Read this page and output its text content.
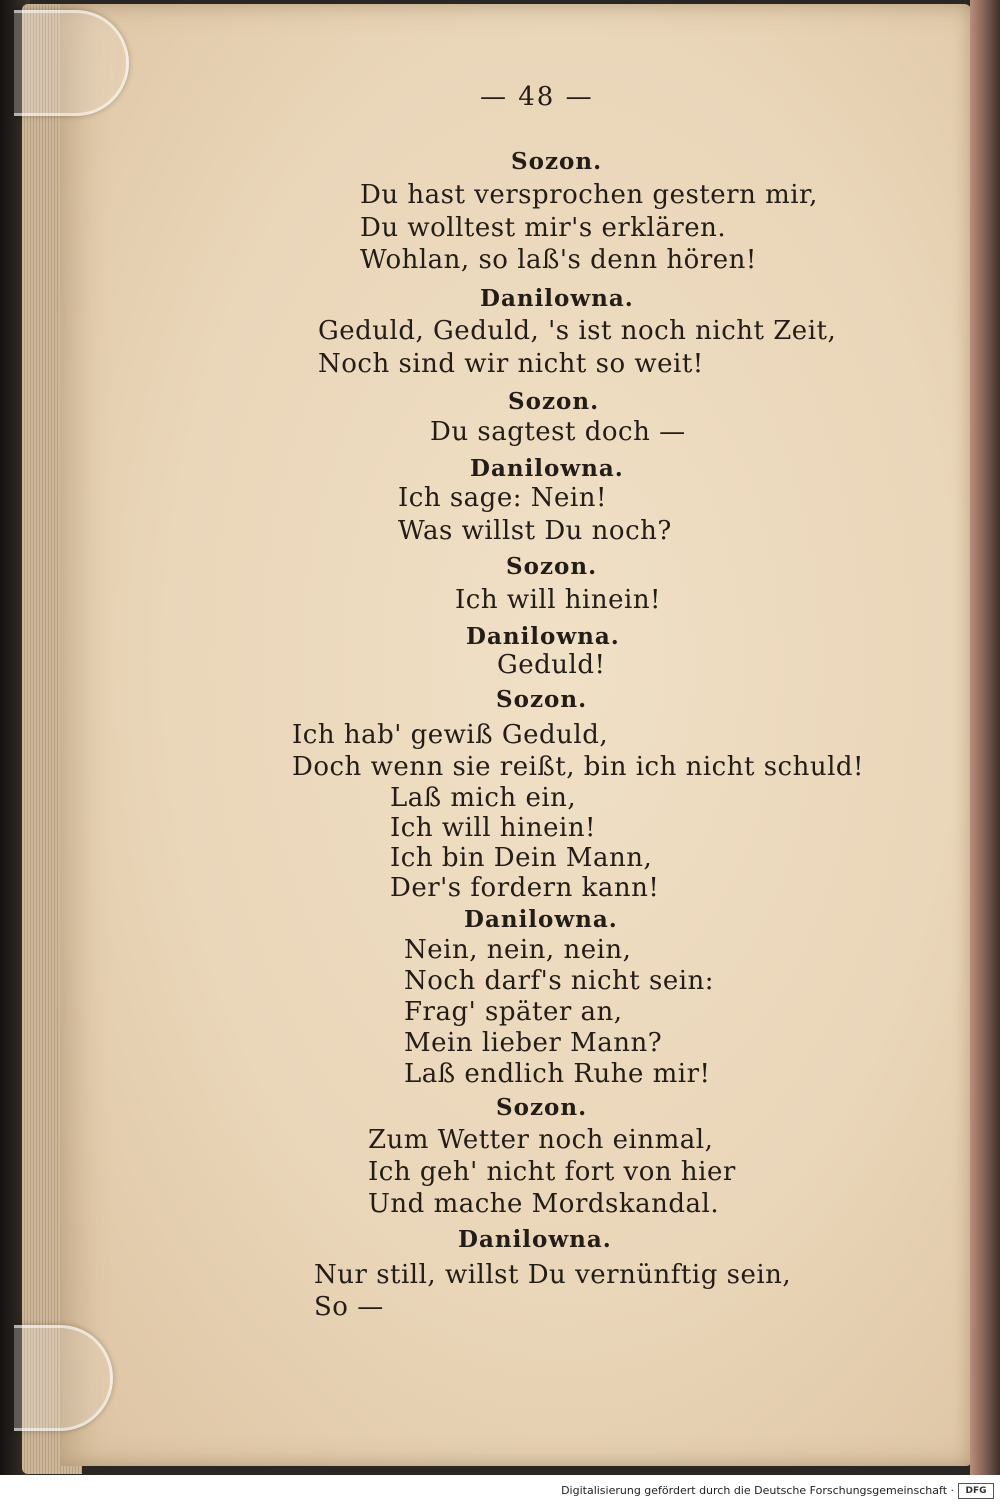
— 48 —
Sozon.
Du hast versprochen gestern mir,
Du wolltest mir's erklären.
Wohlan, so laß's denn hören!
Danilowna.
Geduld, Geduld, 's ist noch nicht Zeit,
Noch sind wir nicht so weit!
Sozon.
Du sagtest doch —
Danilowna.
Ich sage: Nein!
Was willst Du noch?
Sozon.
Ich will hinein!
Danilowna.
Geduld!
Sozon.
Ich hab' gewiß Geduld,
Doch wenn sie reißt, bin ich nicht schuld!
Laß mich ein,
Ich will hinein!
Ich bin Dein Mann,
Der's fordern kann!
Danilowna.
Nein, nein, nein,
Noch darf's nicht sein:
Frag' später an,
Mein lieber Mann?
Laß endlich Ruhe mir!
Sozon.
Zum Wetter noch einmal,
Ich geh' nicht fort von hier
Und mache Mordskandal.
Danilowna.
Nur still, willst Du vernünftig sein,
So —
Digitalisierung gefördert durch die Deutsche Forschungsgemeinschaft ·	DFG
